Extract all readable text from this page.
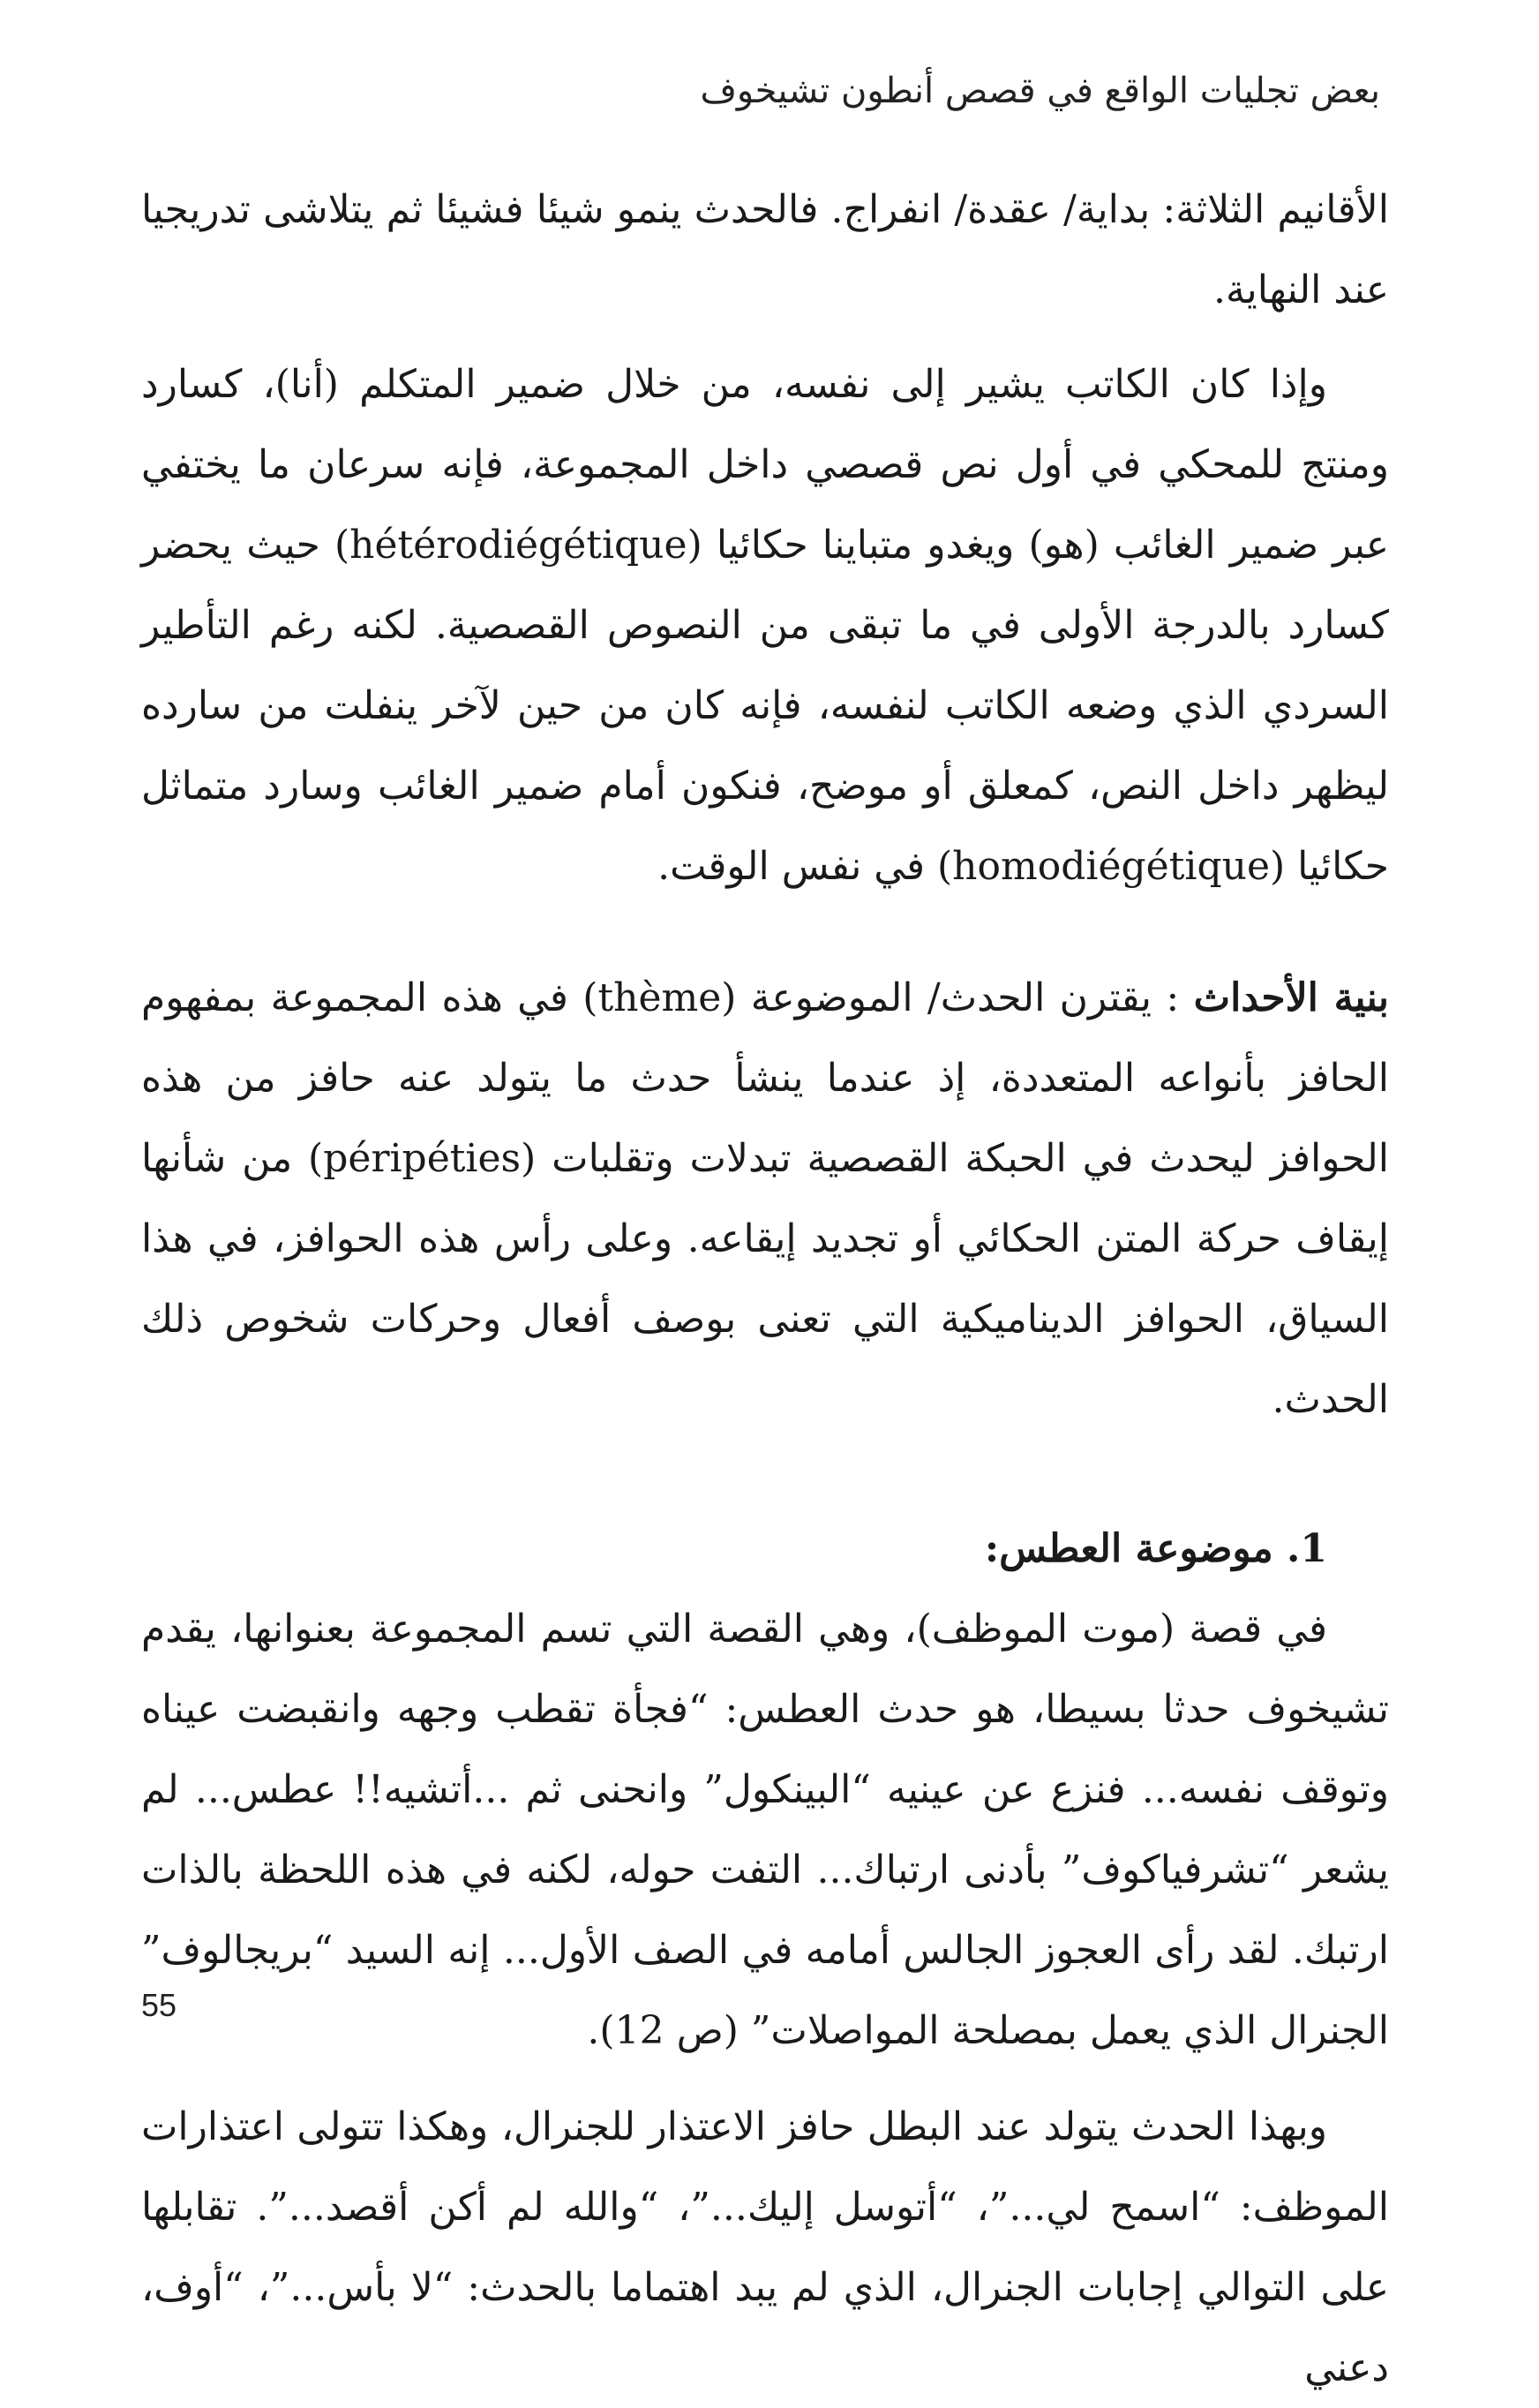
بعض تجليات الواقع في قصص أنطون تشيخوف

الأقانيم الثلاثة: بداية/ عقدة/ انفراج. فالحدث ينمو شيئا فشيئا ثم يتلاشى تدريجيا عند النهاية.

وإذا كان الكاتب يشير إلى نفسه، من خلال ضمير المتكلم (أنا)، كسارد ومنتج للمحكي في أول نص قصصي داخل المجموعة، فإنه سرعان ما يختفي عبر ضمير الغائب (هو) ويغدو متباينا حكائيا (hétérodiégétique) حيث يحضر كسارد بالدرجة الأولى في ما تبقى من النصوص القصصية. لكنه رغم التأطير السردي الذي وضعه الكاتب لنفسه، فإنه كان من حين لآخر ينفلت من سارده ليظهر داخل النص، كمعلق أو موضح، فنكون أمام ضمير الغائب وسارد متماثل حكائيا (homodiégétique) في نفس الوقت.

بنية الأحداث : يقترن الحدث/ الموضوعة (thème) في هذه المجموعة بمفهوم الحافز بأنواعه المتعددة، إذ عندما ينشأ حدث ما يتولد عنه حافز من هذه الحوافز ليحدث في الحبكة القصصية تبدلات وتقلبات (péripéties) من شأنها إيقاف حركة المتن الحكائي أو تجديد إيقاعه. وعلى رأس هذه الحوافز، في هذا السياق، الحوافز الديناميكية التي تعنى بوصف أفعال وحركات شخوص ذلك الحدث.

1. موضوعة العطس:

في قصة (موت الموظف)، وهي القصة التي تسم المجموعة بعنوانها، يقدم تشيخوف حدثا بسيطا، هو حدث العطس: “فجأة تقطب وجهه وانقبضت عيناه وتوقف نفسه... فنزع عن عينيه “البينكول” وانحنى ثم ...أتشيه!! عطس... لم يشعر “تشرفياكوف” بأدنى ارتباك... التفت حوله، لكنه في هذه اللحظة بالذات ارتبك. لقد رأى العجوز الجالس أمامه في الصف الأول... إنه السيد “بريجالوف” الجنرال الذي يعمل بمصلحة المواصلات” (ص 12).

وبهذا الحدث يتولد عند البطل حافز الاعتذار للجنرال، وهكذا تتولى اعتذارات الموظف: “اسمح لي...”، “أتوسل إليك...”، “والله لم أكن أقصد...”. تقابلها على التوالي إجابات الجنرال، الذي لم يبد اهتماما بالحدث: “لا بأس...”، “أوف، دعني

55
